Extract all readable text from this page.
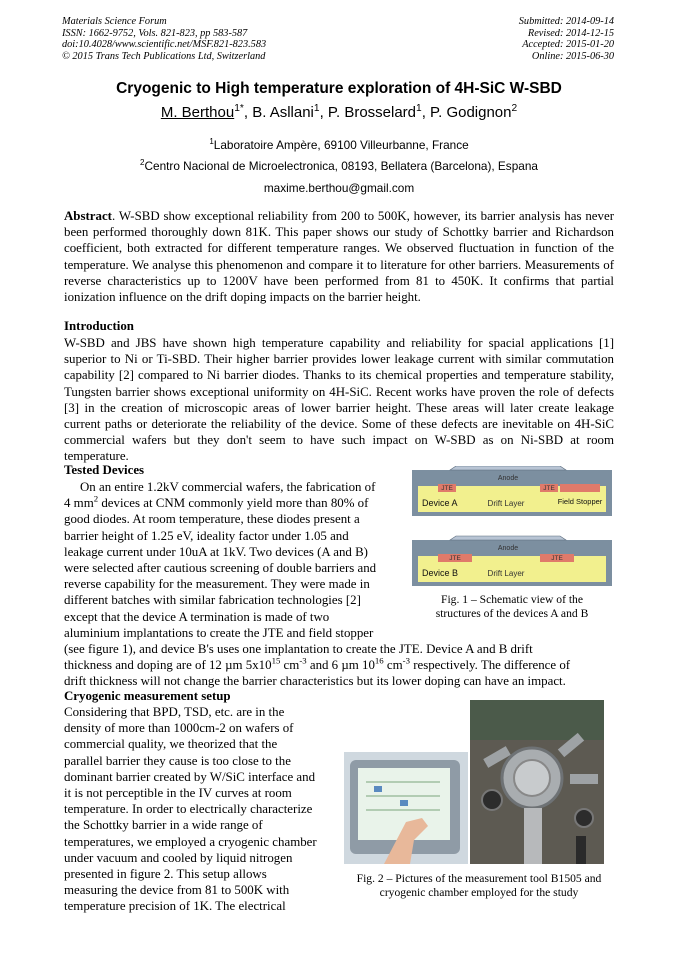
Materials Science Forum
ISSN: 1662-9752, Vols. 821-823, pp 583-587
doi:10.4028/www.scientific.net/MSF.821-823.583
© 2015 Trans Tech Publications Ltd, Switzerland
Submitted: 2014-09-14
Revised: 2014-12-15
Accepted: 2015-01-20
Online: 2015-06-30
Cryogenic to High temperature exploration of 4H-SiC W-SBD
M. Berthou$^{1*}$, B. Asllani$^1$, P. Brosselard$^1$, P. Godignon$^2$
$^1$Laboratoire Ampère, 69100 Villeurbanne, France
$^2$Centro Nacional de Microelectronica, 08193, Bellatera (Barcelona), Espana
maxime.berthou@gmail.com
Abstract. W-SBD show exceptional reliability from 200 to 500K, however, its barrier analysis has never been performed thoroughly down 81K. This paper shows our study of Schottky barrier and Richardson coefficient, both extracted for different temperature ranges. We observed fluctuation in function of the temperature. We analyse this phenomenon and compare it to literature for other barriers. Measurements of reverse characteristics up to 1200V have been performed from 81 to 450K. It confirms that partial ionization influence on the drift doping impacts on the barrier height.
Introduction
W-SBD and JBS have shown high temperature capability and reliability for spacial applications [1] superior to Ni or Ti-SBD. Their higher barrier provides lower leakage current with similar commutation capability [2] compared to Ni barrier diodes. Thanks to its chemical properties and temperature stability, Tungsten barrier shows exceptional uniformity on 4H-SiC. Recent works have proven the role of defects [3] in the creation of microscopic areas of lower barrier height. These areas will later create leakage current paths or deteriorate the reliability of the device. Some of these defects are inevitable on 4H-SiC commercial wafers but they don't seem to have such impact on W-SBD as on Ni-SBD at room temperature.
Tested Devices
On an entire 1.2kV commercial wafers, the fabrication of
4 $mm^2$ devices at CNM commonly yield more than 80% of
good diodes. At room temperature, these diodes present a
barrier height of 1.25 eV, ideality factor under 1.05 and
leakage current under 10uA at 1kV. Two devices (A and B)
were selected after cautious screening of double barriers and
reverse capability for the measurement. They were made in
different batches with similar fabrication technologies [2]
except that the device A termination is made of two
aluminium implantations to create the JTE and field stopper
(see figure 1), and device B's uses one implantation to create the JTE. Device A and B drift
thickness and doping are of 12 µm $5x10^{15}$ $cm^{-3}$ and 6 µm $10^{16}$ $cm^{-3}$ respectively. The difference of
drift thickness will not change the barrier characteristics but its lower doping can have an impact.
Anode
JTE	JTE
Device A	Drift Layer	Field Stopper
Anode
JTE	JTE
Device B	Drift Layer
Fig. 1 – Schematic view of the
structures of the devices A and B
Cryogenic measurement setup
Considering that BPD, TSD, etc. are in the
density of more than 1000cm-2 on wafers of
commercial quality, we theorized that the
parallel barrier they cause is too close to the
dominant barrier created by W/SiC interface and
it is not perceptible in the IV curves at room
temperature. In order to electrically characterize
the Schottky barrier in a wide range of
temperatures, we employed a cryogenic chamber
under vacuum and cooled by liquid nitrogen
presented in figure 2. This setup allows
measuring the device from 81 to 500K with
temperature precision of 1K. The electrical
Fig. 2 – Pictures of the measurement tool B1505 and
cryogenic chamber employed for the study
